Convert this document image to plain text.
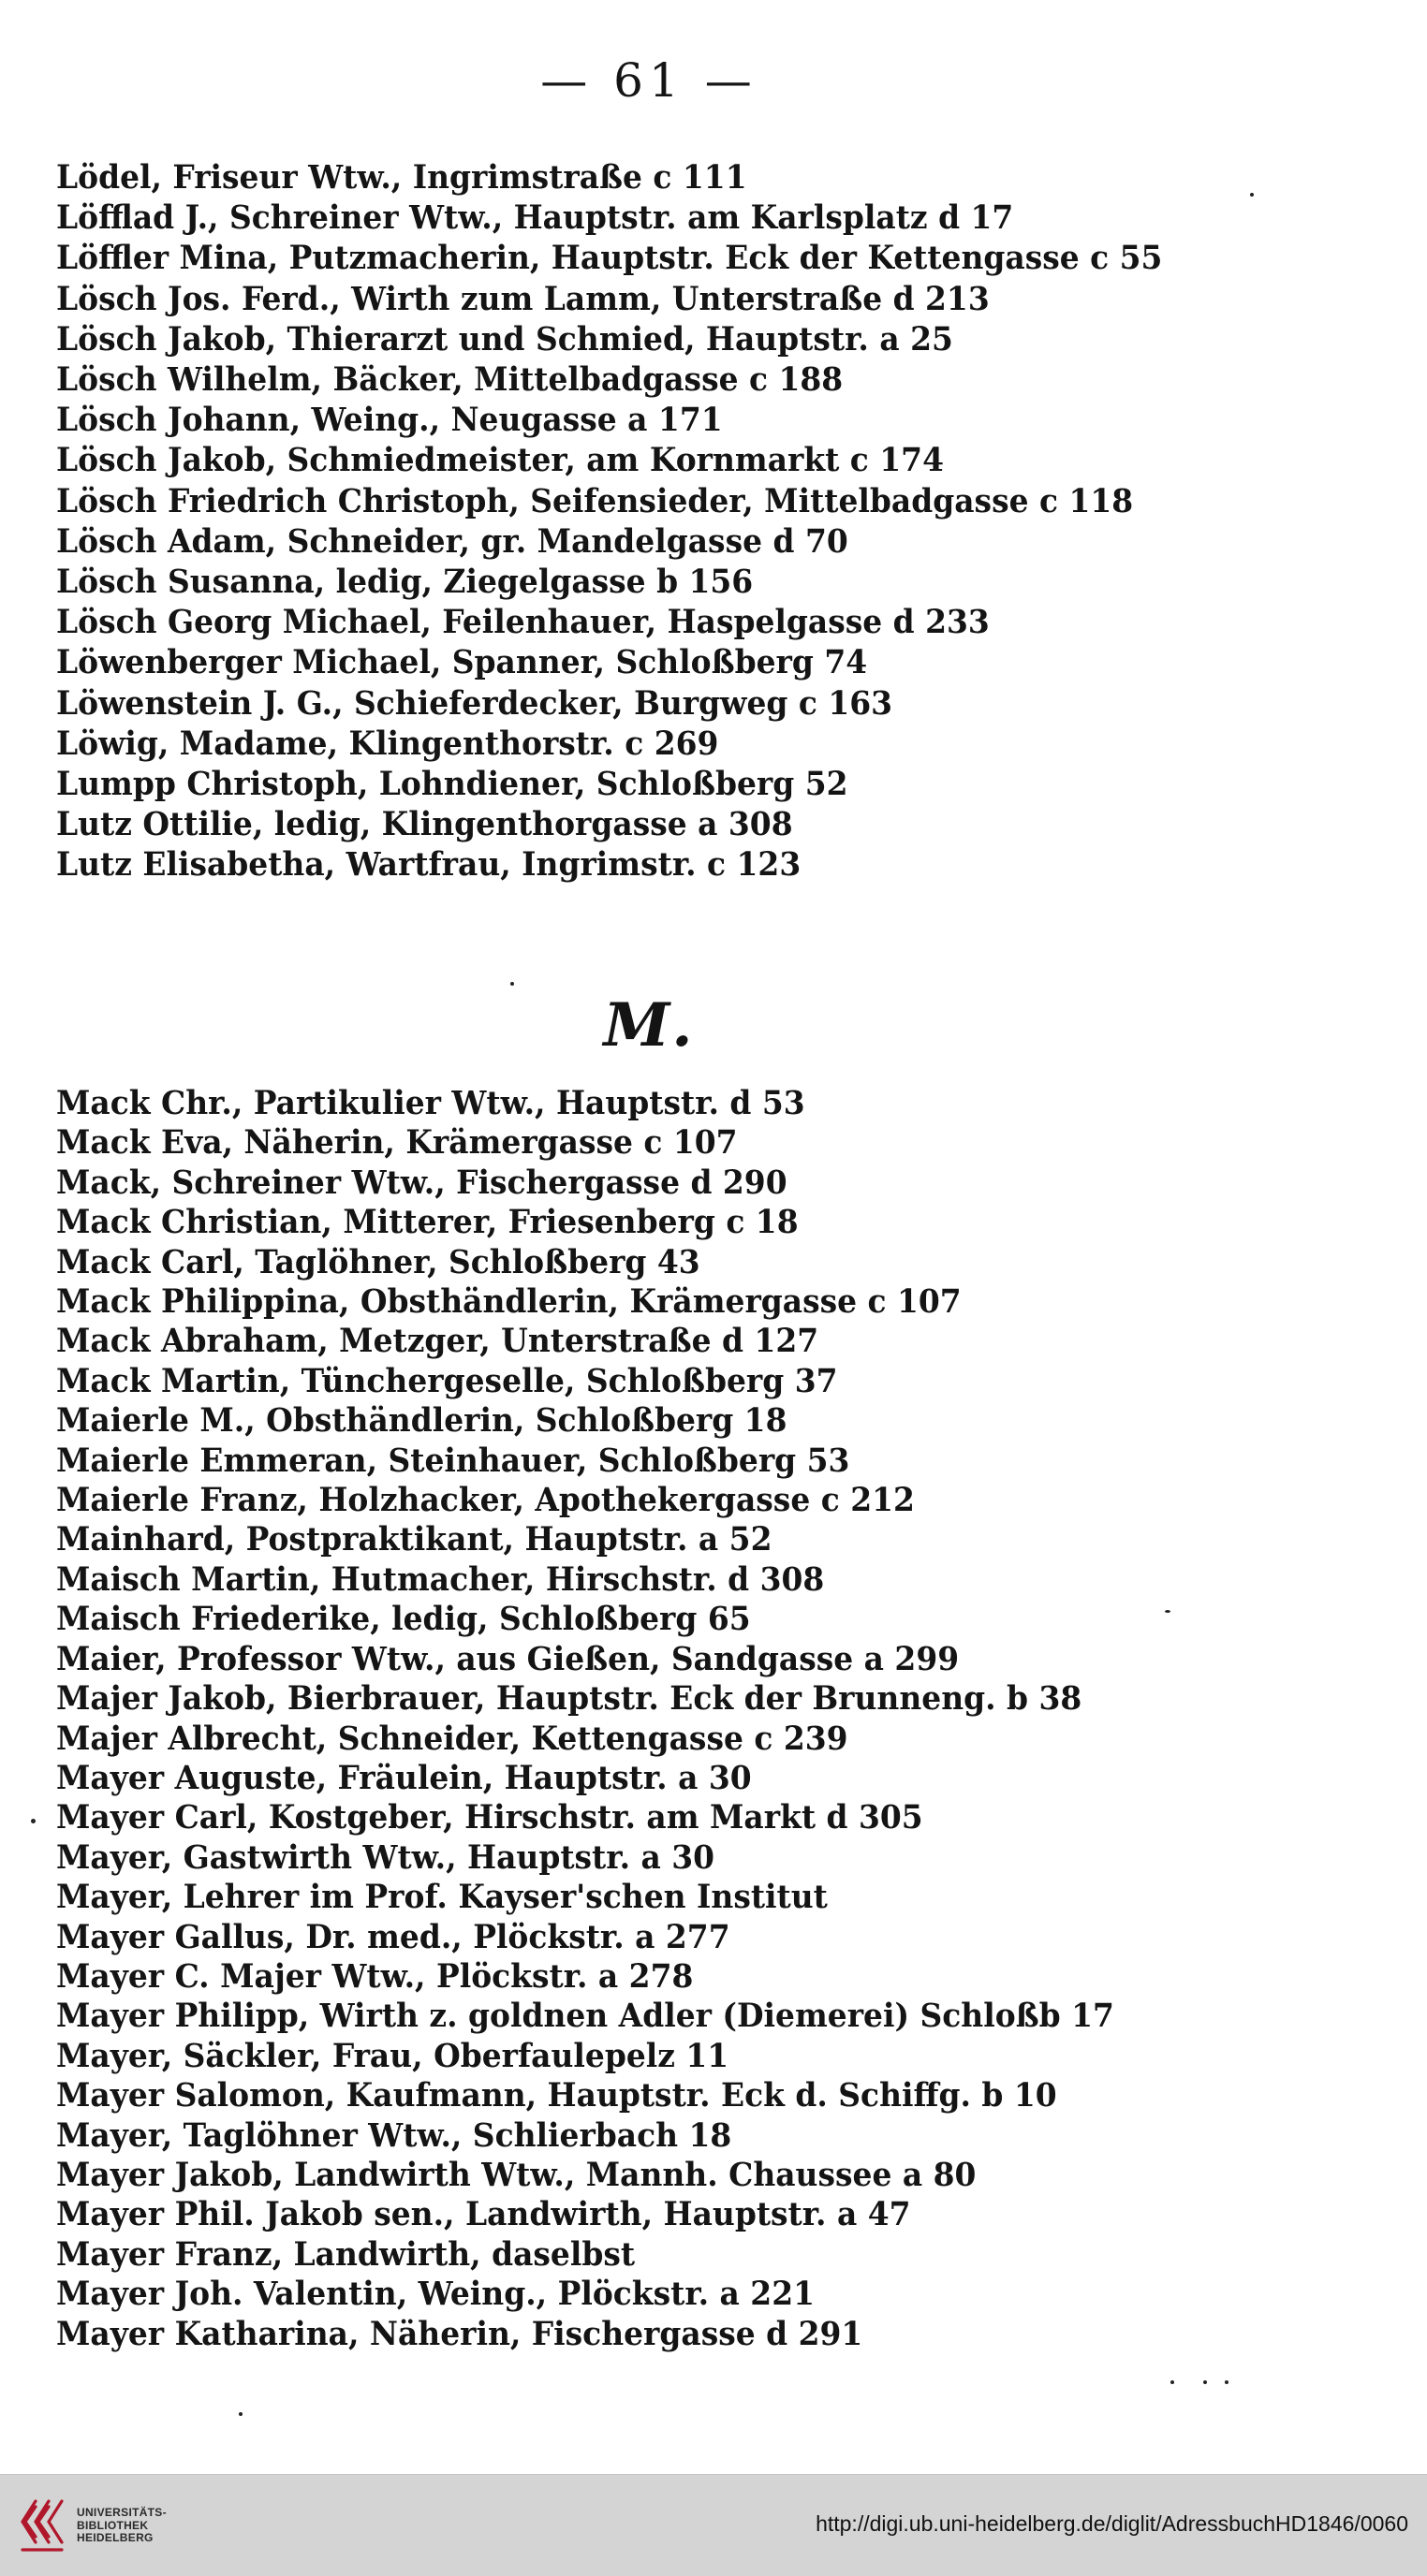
— 61 —
Lödel, Friseur Wtw., Ingrimstraße c 111
Löfflad J., Schreiner Wtw., Hauptstr. am Karlsplatz d 17
Löffler Mina, Putzmacherin, Hauptstr. Eck der Kettengasse c 55
Lösch Jos. Ferd., Wirth zum Lamm, Unterstraße d 213
Lösch Jakob, Thierarzt und Schmied, Hauptstr. a 25
Lösch Wilhelm, Bäcker, Mittelbadgasse c 188
Lösch Johann, Weing., Neugasse a 171
Lösch Jakob, Schmiedmeister, am Kornmarkt c 174
Lösch Friedrich Christoph, Seifensieder, Mittelbadgasse c 118
Lösch Adam, Schneider, gr. Mandelgasse d 70
Lösch Susanna, ledig, Ziegelgasse b 156
Lösch Georg Michael, Feilenhauer, Haspelgasse d 233
Löwenberger Michael, Spanner, Schloßberg 74
Löwenstein J. G., Schieferdecker, Burgweg c 163
Löwig, Madame, Klingenthorstr. c 269
Lumpp Christoph, Lohndiener, Schloßberg 52
Lutz Ottilie, ledig, Klingenthorgasse a 308
Lutz Elisabetha, Wartfrau, Ingrimstr. c 123
M.
Mack Chr., Partikulier Wtw., Hauptstr. d 53
Mack Eva, Näherin, Krämergasse c 107
Mack, Schreiner Wtw., Fischergasse d 290
Mack Christian, Mitterer, Friesenberg c 18
Mack Carl, Taglöhner, Schloßberg 43
Mack Philippina, Obsthändlerin, Krämergasse c 107
Mack Abraham, Metzger, Unterstraße d 127
Mack Martin, Tünchergeselle, Schloßberg 37
Maierle M., Obsthändlerin, Schloßberg 18
Maierle Emmeran, Steinhauer, Schloßberg 53
Maierle Franz, Holzhacker, Apothekergasse c 212
Mainhard, Postpraktikant, Hauptstr. a 52
Maisch Martin, Hutmacher, Hirschstr. d 308
Maisch Friederike, ledig, Schloßberg 65
Maier, Professor Wtw., aus Gießen, Sandgasse a 299
Majer Jakob, Bierbrauer, Hauptstr. Eck der Brunneng. b 38
Majer Albrecht, Schneider, Kettengasse c 239
Mayer Auguste, Fräulein, Hauptstr. a 30
Mayer Carl, Kostgeber, Hirschstr. am Markt d 305
Mayer, Gastwirth Wtw., Hauptstr. a 30
Mayer, Lehrer im Prof. Kayser'schen Institut
Mayer Gallus, Dr. med., Plöckstr. a 277
Mayer C. Majer Wtw., Plöckstr. a 278
Mayer Philipp, Wirth z. goldnen Adler (Diemerei) Schloßb 17
Mayer, Säckler, Frau, Oberfaulepelz 11
Mayer Salomon, Kaufmann, Hauptstr. Eck d. Schiffg. b 10
Mayer, Taglöhner Wtw., Schlierbach 18
Mayer Jakob, Landwirth Wtw., Mannh. Chaussee a 80
Mayer Phil. Jakob sen., Landwirth, Hauptstr. a 47
Mayer Franz, Landwirth, daselbst
Mayer Joh. Valentin, Weing., Plöckstr. a 221
Mayer Katharina, Näherin, Fischergasse d 291
UNIVERSITÄTS-
BIBLIOTHEK
HEIDELBERG
http://digi.ub.uni-heidelberg.de/diglit/AdressbuchHD1846/0060
